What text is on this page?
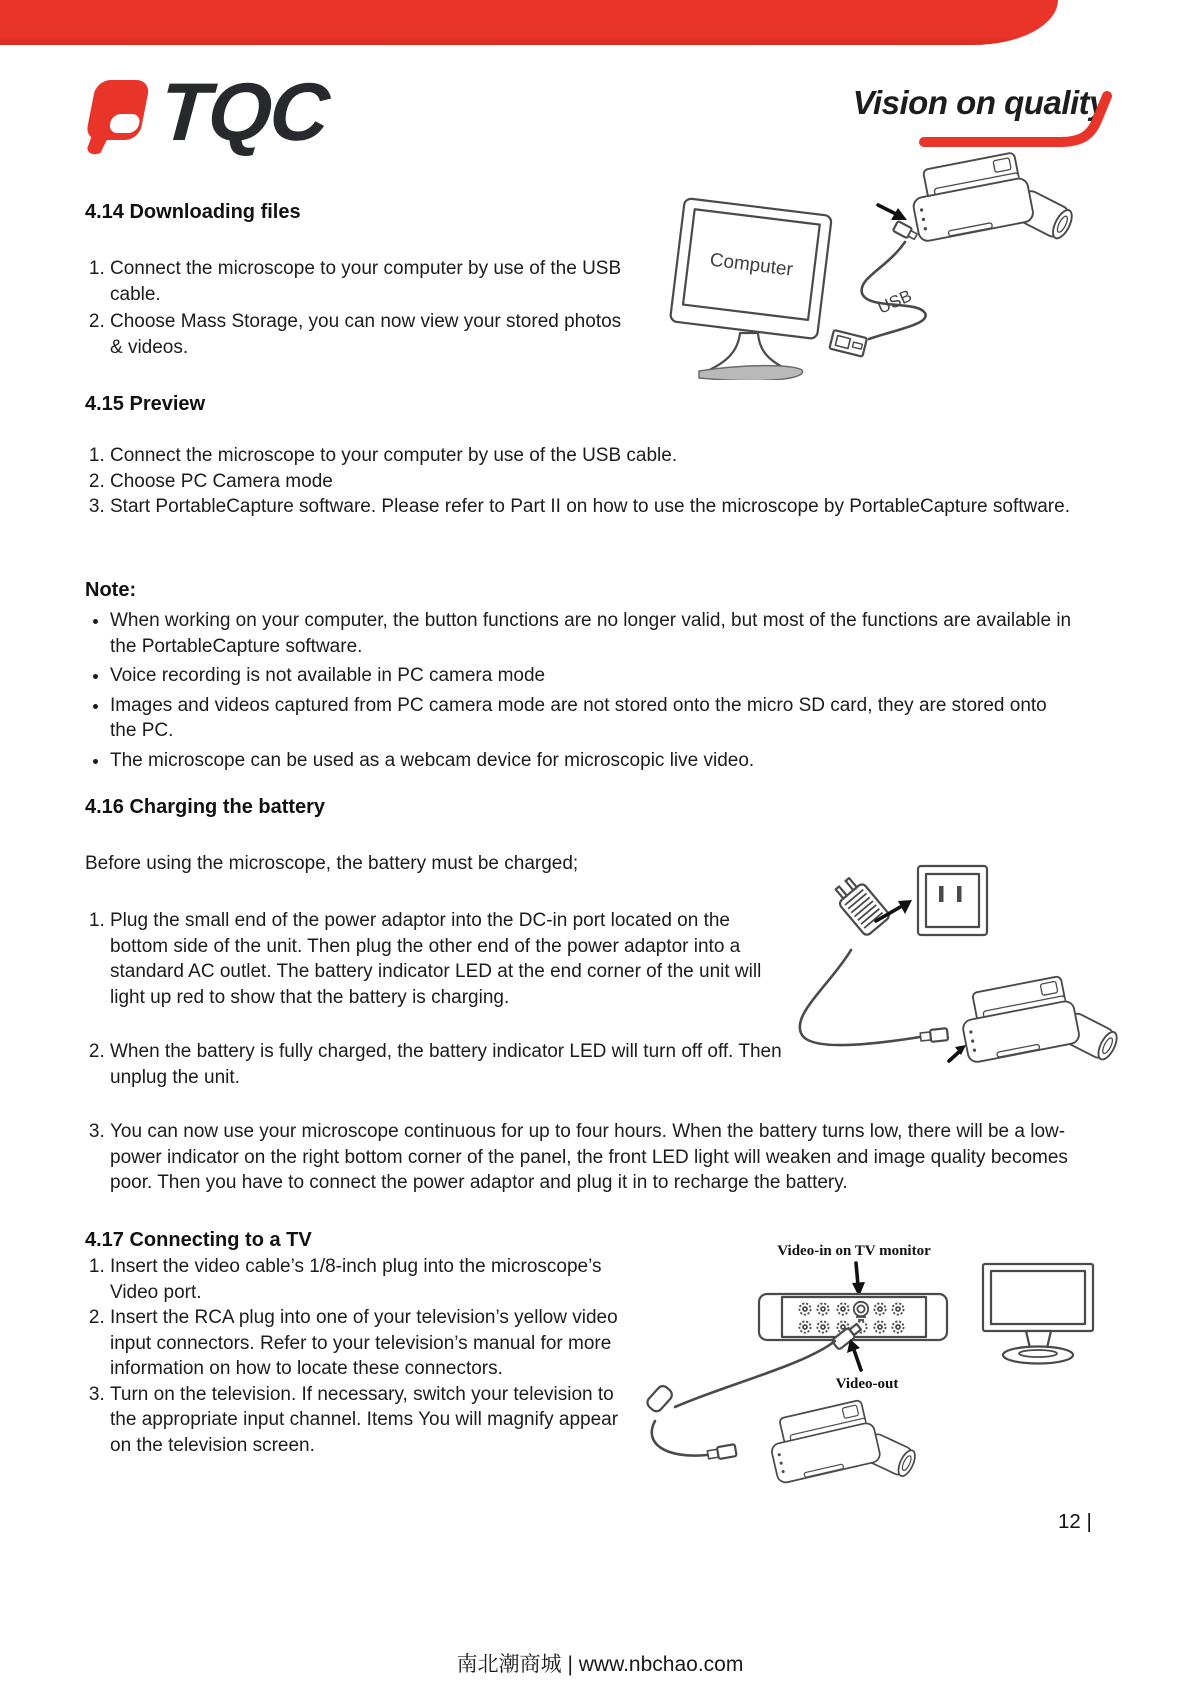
TQC	Vision on quality
4.14 Downloading files
1. Connect the microscope to your computer by use of the USB cable.
2. Choose Mass Storage, you can now view your stored photos & videos.
Computer
USB
4.15 Preview
1. Connect the microscope to your computer by use of the USB cable.
2. Choose PC Camera mode
3. Start PortableCapture software. Please refer to Part II on how to use the microscope by PortableCapture software.
Note:
• When working on your computer, the button functions are no longer valid, but most of the functions are available in the PortableCapture software.
• Voice recording is not available in PC camera mode
• Images and videos captured from PC camera mode are not stored onto the micro SD card, they are stored onto the PC.
• The microscope can be used as a webcam device for microscopic live video.
4.16 Charging the battery
Before using the microscope, the battery must be charged;
1. Plug the small end of the power adaptor into the DC-in port located on the bottom side of the unit. Then plug the other end of the power adaptor into a standard AC outlet. The battery indicator LED at the end corner of the unit will light up red to show that the battery is charging.
2. When the battery is fully charged, the battery indicator LED will turn off off. Then unplug the unit.
3. You can now use your microscope continuous for up to four hours. When the battery turns low, there will be a low-power indicator on the right bottom corner of the panel, the front LED light will weaken and image quality becomes poor. Then you have to connect the power adaptor and plug it in to recharge the battery.
4.17 Connecting to a TV
1. Insert the video cable’s 1/8-inch plug into the microscope’s Video port.
2. Insert the RCA plug into one of your television’s yellow video input connectors. Refer to your television’s manual for more information on how to locate these connectors.
3. Turn on the television. If necessary, switch your television to the appropriate input channel. Items You will magnify appear on the television screen.
Video-in on TV monitor
Video-out
12 |
南北潮商城 | www.nbchao.com
